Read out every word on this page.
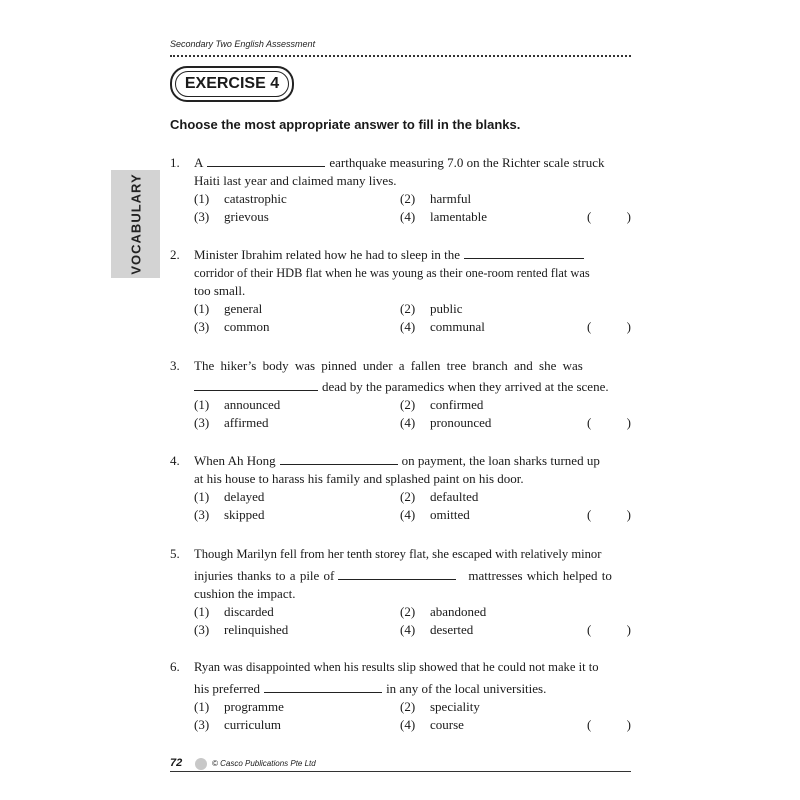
Secondary Two English Assessment
EXERCISE 4
VOCABULARY
Choose the most appropriate answer to fill in the blanks.
1. A	earthquake measuring 7.0 on the Richter scale struck
Haiti last year and claimed many lives.
(1) catastrophic	(2) harmful
(3) grievous	(4) lamentable	(	)
2. Minister Ibrahim related how he had to sleep in the
corridor of their HDB flat when he was young as their one-room rented flat was
too small.
(1) general	(2) public
(3) common	(4) communal	(	)
3. The hiker’s body was pinned under a fallen tree branch and she was
dead by the paramedics when they arrived at the scene.
(1) announced	(2) confirmed
(3) affirmed	(4) pronounced	(	)
4. When Ah Hong	on payment, the loan sharks turned up
at his house to harass his family and splashed paint on his door.
(1) delayed	(2) defaulted
(3) skipped	(4) omitted	(	)
5. Though Marilyn fell from her tenth storey flat, she escaped with relatively minor
injuries thanks to a pile of	mattresses which helped to
cushion the impact.
(1) discarded	(2) abandoned
(3) relinquished	(4) deserted	(	)
6. Ryan was disappointed when his results slip showed that he could not make it to
his preferred	in any of the local universities.
(1) programme	(2) speciality
(3) curriculum	(4) course	(	)
72	© Casco Publications Pte Ltd
